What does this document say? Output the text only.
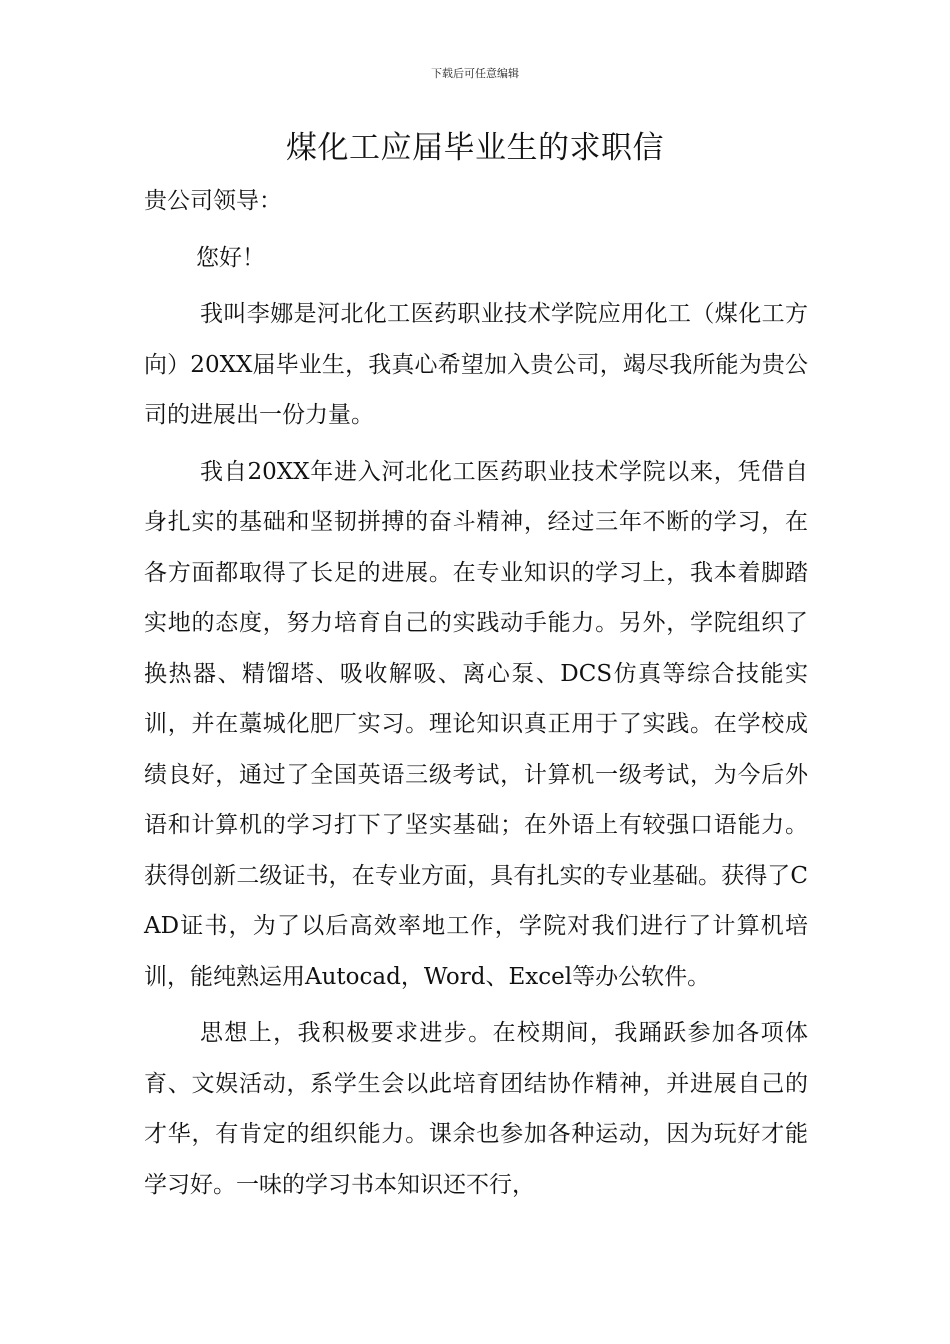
下载后可任意编辑
煤化工应届毕业生的求职信

贵公司领导：

您好！

我叫李娜是河北化工医药职业技术学院应用化工（煤化工方向）20XX届毕业生，我真心希望加入贵公司，竭尽我所能为贵公司的进展出一份力量。

我自20XX年进入河北化工医药职业技术学院以来，凭借自身扎实的基础和坚韧拼搏的奋斗精神，经过三年不断的学习，在各方面都取得了长足的进展。在专业知识的学习上，我本着脚踏实地的态度，努力培育自己的实践动手能力。另外，学院组织了换热器、精馏塔、吸收解吸、离心泵、DCS仿真等综合技能实训，并在藁城化肥厂实习。理论知识真正用于了实践。在学校成绩良好，通过了全国英语三级考试，计算机一级考试，为今后外语和计算机的学习打下了坚实基础；在外语上有较强口语能力。获得创新二级证书，在专业方面，具有扎实的专业基础。获得了CAD证书，为了以后高效率地工作，学院对我们进行了计算机培训，能纯熟运用Autocad，Word、Excel等办公软件。

思想上，我积极要求进步。在校期间，我踊跃参加各项体育、文娱活动，系学生会以此培育团结协作精神，并进展自己的才华，有肯定的组织能力。课余也参加各种运动，因为玩好才能学习好。一味的学习书本知识还不行，
